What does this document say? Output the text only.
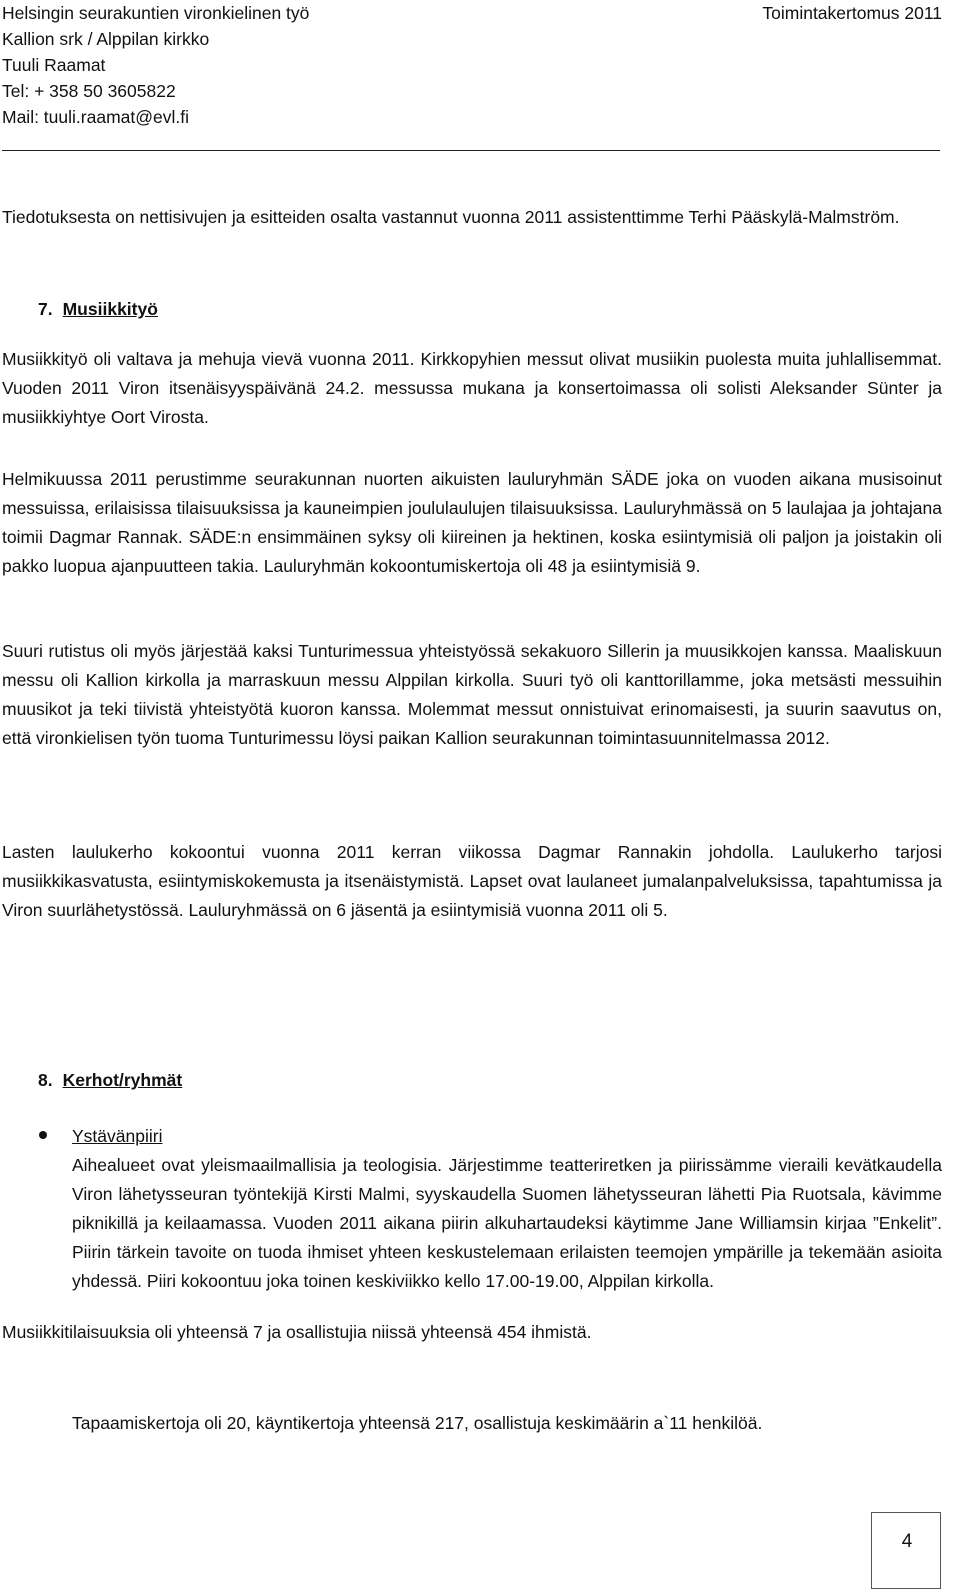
Helsingin seurakuntien vironkielinen työ	Toimintakertomus 2011
Kallion srk / Alppilan kirkko
Tuuli Raamat
Tel: + 358 50 3605822
Mail: tuuli.raamat@evl.fi
Tiedotuksesta on nettisivujen ja esitteiden osalta vastannut vuonna 2011 assistenttimme Terhi Pääskylä-Malmström.
7. Musiikkityö
Musiikkityö oli valtava ja mehuja vievä vuonna 2011. Kirkkopyhien messut olivat musiikin puolesta muita juhlallisemmat. Vuoden 2011 Viron itsenäisyyspäivänä 24.2. messussa mukana ja konsertoimassa oli solisti Aleksander Sünter ja musiikkiyhtye Oort Virosta.
Helmikuussa 2011 perustimme seurakunnan nuorten aikuisten lauluryhmän SÄDE joka on vuoden aikana musisoinut messuissa, erilaisissa tilaisuuksissa ja kauneimpien joululaulujen tilaisuuksissa. Lauluryhmässä on 5 laulajaa ja johtajana toimii Dagmar Rannak. SÄDE:n ensimmäinen syksy oli kiireinen ja hektinen, koska esiintymisiä oli paljon ja joistakin oli pakko luopua ajanpuutteen takia. Lauluryhmän kokoontumiskertoja oli 48 ja esiintymisiä 9.
Suuri rutistus oli myös järjestää kaksi Tunturimessua yhteistyössä sekakuoro Sillerin ja muusikkojen kanssa. Maaliskuun messu oli Kallion kirkolla ja marraskuun messu Alppilan kirkolla. Suuri työ oli kanttorillamme, joka metsästi messuihin muusikot ja teki tiivistä yhteistyötä kuoron kanssa. Molemmat messut onnistuivat erinomaisesti, ja suurin saavutus on, että vironkielisen työn tuoma Tunturimessu löysi paikan Kallion seurakunnan toimintasuunnitelmassa 2012.
Lasten laulukerho kokoontui vuonna 2011 kerran viikossa Dagmar Rannakin johdolla. Laulukerho tarjosi musiikkikasvatusta, esiintymiskokemusta ja itsenäistymistä. Lapset ovat laulaneet jumalanpalveluksissa, tapahtumissa ja Viron suurlähetystössä. Lauluryhmässä on 6 jäsentä ja esiintymisiä vuonna 2011 oli 5.
Musiikkitilaisuuksia oli yhteensä 7 ja osallistujia niissä yhteensä 454 ihmistä.
8. Kerhot/ryhmät
Ystävänpiiri
Aihealueet ovat yleismaailmallisia ja teologisia. Järjestimme teatteriretken ja piirissämme vieraili kevätkaudella Viron lähetysseuran työntekijä Kirsti Malmi, syyskaudella Suomen lähetysseuran lähetti Pia Ruotsala, kävimme piknikillä ja keilaamassa. Vuoden 2011 aikana piirin alkuhartaudeksi käytimme Jane Williamsin kirjaa ”Enkelit”. Piirin tärkein tavoite on tuoda ihmiset yhteen keskustelemaan erilaisten teemojen ympärille ja tekemään asioita yhdessä. Piiri kokoontuu joka toinen keskiviikko kello 17.00-19.00, Alppilan kirkolla.
Tapaamiskertoja oli 20, käyntikertoja yhteensä 217, osallistuja keskimäärin a`11 henkilöä.
4
